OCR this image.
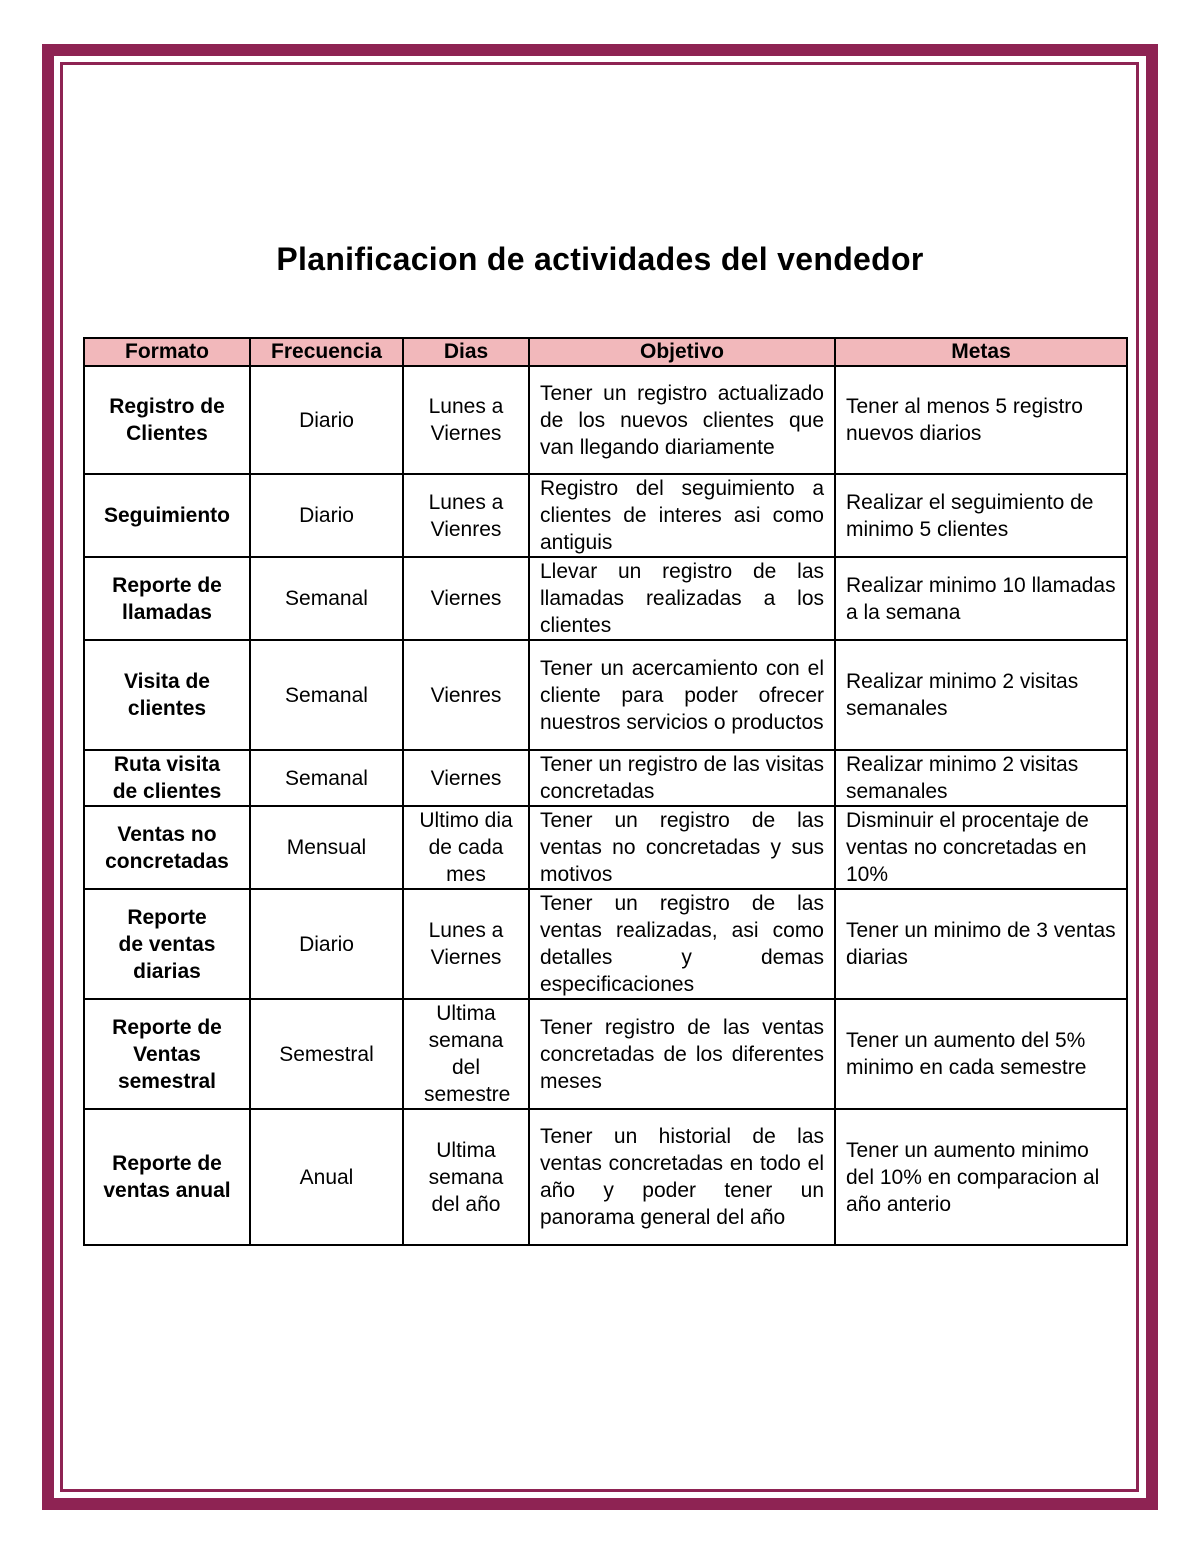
Planificacion de actividades del vendedor
Formato	Frecuencia	Dias	Objetivo	Metas
Registro de Clientes	Diario	Lunes a Viernes	Tener un registro actualizado de los nuevos clientes que van llegando diariamente	Tener al menos 5 registro nuevos diarios
Seguimiento	Diario	Lunes a Vienres	Registro del seguimiento a clientes de interes asi como antiguis	Realizar el seguimiento de minimo 5 clientes
Reporte de llamadas	Semanal	Viernes	Llevar un registro de las llamadas realizadas a los clientes	Realizar minimo 10 llamadas a la semana
Visita de clientes	Semanal	Vienres	Tener un acercamiento con el cliente para poder ofrecer nuestros servicios o productos	Realizar minimo 2 visitas semanales
Ruta visita de clientes	Semanal	Viernes	Tener un registro de las visitas concretadas	Realizar minimo 2 visitas semanales
Ventas no concretadas	Mensual	Ultimo dia de cada mes	Tener un registro de las ventas no concretadas y sus motivos	Disminuir el procentaje de ventas no concretadas en 10%
Reporte de ventas diarias	Diario	Lunes a Viernes	Tener un registro de las ventas realizadas, asi como detalles y demas especificaciones	Tener un minimo de 3 ventas diarias
Reporte de Ventas semestral	Semestral	Ultima semana del semestre	Tener registro de las ventas concretadas de los diferentes meses	Tener un aumento del 5% minimo en cada semestre
Reporte de ventas anual	Anual	Ultima semana del año	Tener un historial de las ventas concretadas en todo el año y poder tener un panorama general del año	Tener un aumento minimo del 10% en comparacion al año anterio
